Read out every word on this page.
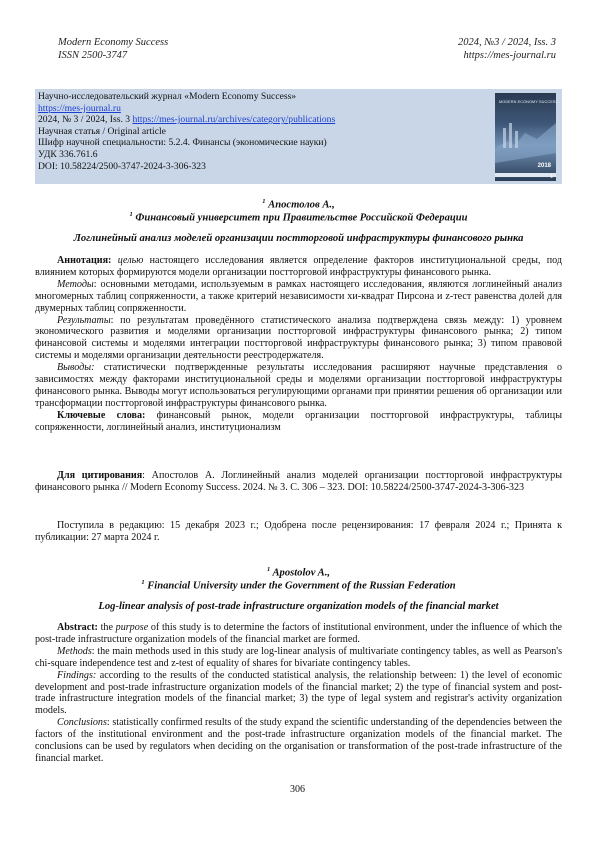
Modern Economy Success
ISSN 2500-3747
2024, №3 / 2024, Iss. 3
https://mes-journal.ru
Научно-исследовательский журнал «Modern Economy Success»
https://mes-journal.ru
2024, № 3 / 2024, Iss. 3 https://mes-journal.ru/archives/category/publications
Научная статья / Original article
Шифр научной специальности: 5.2.4. Финансы (экономические науки)
УДК 336.761.6
DOI: 10.58224/2500-3747-2024-3-306-323
MODERN ECONOMY SUCCESS
2018
1
$^1$ Апостолов А.,
$^1$ Финансовый университет при Правительстве Российской Федерации
Логлинейный анализ моделей организации постторговой инфраструктуры финансового рынка
Аннотация: целью настоящего исследования является определение факторов институциональной среды, под влиянием которых формируются модели организации постторговой инфраструктуры финансового рынка.
Методы: основными методами, используемым в рамках настоящего исследования, являются логлинейный анализ многомерных таблиц сопряженности, а также критерий независимости хи-квадрат Пирсона и z-тест равенства долей для двумерных таблиц сопряженности.
Результаты: по результатам проведённого статистического анализа подтверждена связь между: 1) уровнем экономического развития и моделями организации постторговой инфраструктуры финансового рынка; 2) типом финансовой системы и моделями интеграции постторговой инфраструктуры финансового рынка; 3) типом правовой системы и моделями организации деятельности реестродержателя.
Выводы: статистически подтвержденные результаты исследования расширяют научные представления о зависимостях между факторами институциональной среды и моделями организации постторговой инфраструктуры финансового рынка. Выводы могут использоваться регулирующими органами при принятии решения об организации или трансформации постторговой инфраструктуры финансового рынка.
Ключевые слова: финансовый рынок, модели организации постторговой инфраструктуры, таблицы сопряженности, логлинейный анализ, институционализм
Для цитирования: Апостолов А. Логлинейный анализ моделей организации постторговой инфраструктуры финансового рынка // Modern Economy Success. 2024. № 3. С. 306 – 323. DOI: 10.58224/2500-3747-2024-3-306-323
Поступила в редакцию: 15 декабря 2023 г.; Одобрена после рецензирования: 17 февраля 2024 г.; Принята к публикации: 27 марта 2024 г.
$^1$ Apostolov A.,
$^1$ Financial University under the Government of the Russian Federation
Log-linear analysis of post-trade infrastructure organization models of the financial market
Abstract: the purpose of this study is to determine the factors of institutional environment, under the influence of which the post-trade infrastructure organization models of the financial market are formed.
Methods: the main methods used in this study are log-linear analysis of multivariate contingency tables, as well as Pearson's chi-square independence test and z-test of equality of shares for bivariate contingency tables.
Findings: according to the results of the conducted statistical analysis, the relationship between: 1) the level of economic development and post-trade infrastructure organization models of the financial market; 2) the type of financial system and post-trade infrastructure integration models of the financial market; 3) the type of legal system and registrar's activity organization models.
Conclusions: statistically confirmed results of the study expand the scientific understanding of the dependencies between the factors of the institutional environment and the post-trade infrastructure organization models of the financial market. The conclusions can be used by regulators when deciding on the organisation or transformation of the post-trade infrastructure of the financial market.
306
